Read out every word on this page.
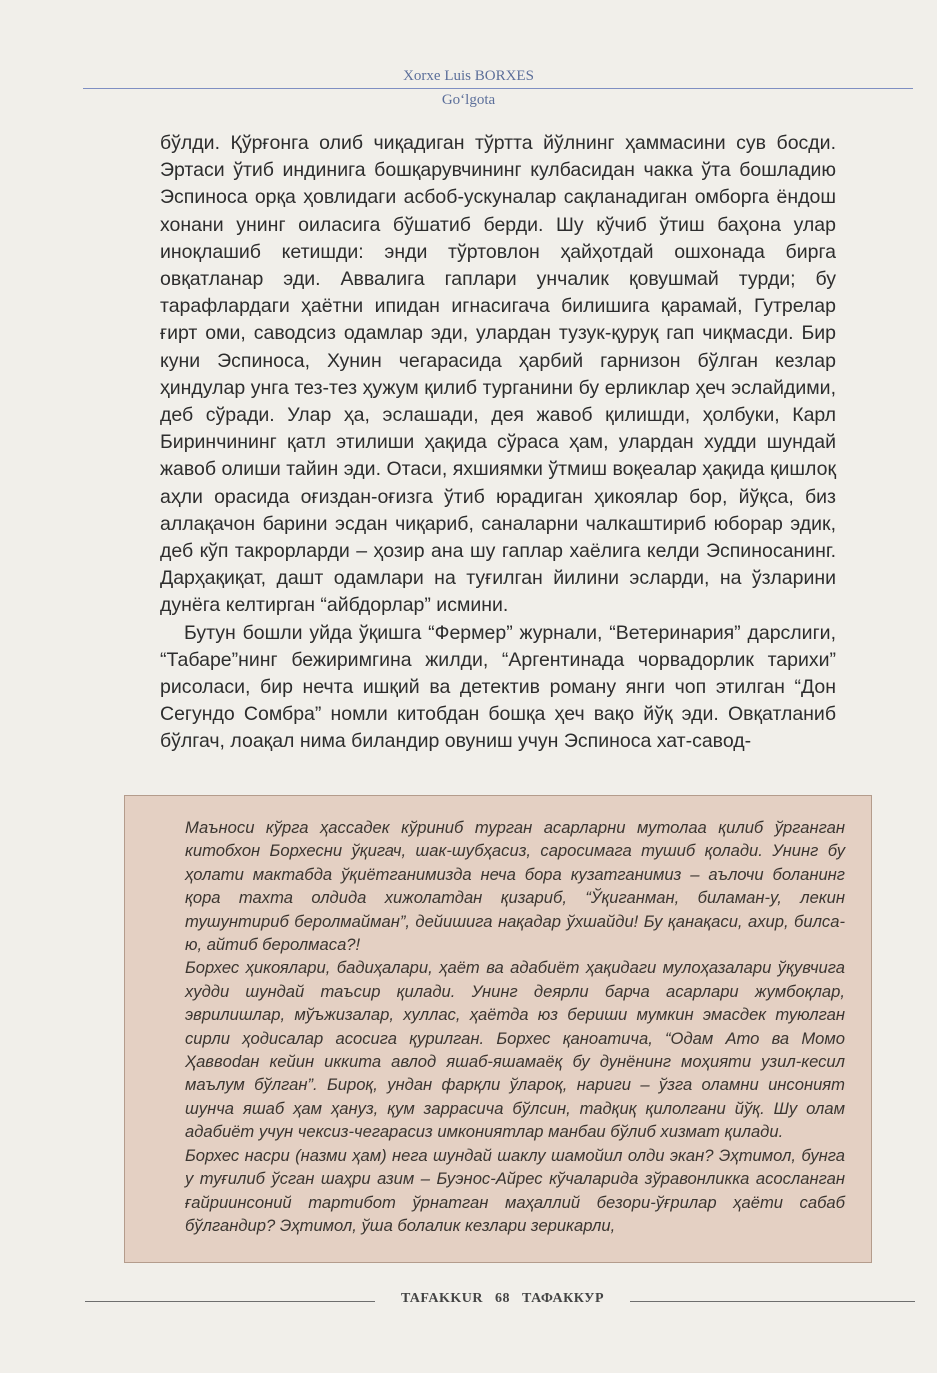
Xorxe Luis BORXES
Go‘lgota

бўлди. Қўрғонга олиб чиқадиган тўртта йўлнинг ҳаммасини сув босди. Эртаси ўтиб индинига бошқарувчининг кулбасидан чакка ўта бошладию Эспиноса орқа ҳовлидаги асбоб-ускуналар сақланадиган омборга ёндош хонани унинг оиласига бўшатиб берди. Шу кўчиб ўтиш баҳона улар иноқлашиб кетишди: энди тўртовлон ҳайҳотдай ошхонада бирга овқатланар эди. Аввалига гаплари унчалик қовушмай турди; бу тарафлардаги ҳаётни ипидан игнасигача билишига қарамай, Гутрелар ғирт оми, саводсиз одамлар эди, улардан тузук-қуруқ гап чиқмасди. Бир куни Эспиноса, Хунин чегарасида ҳарбий гарнизон бўлган кезлар ҳиндулар унга тез-тез ҳужум қилиб турганини бу ерликлар ҳеч эслайдими, деб сўради. Улар ҳа, эслашади, дея жавоб қилишди, ҳолбуки, Карл Биринчининг қатл этилиши ҳақида сўраса ҳам, улардан худди шундай жавоб олиши тайин эди. Отаси, яхшиямки ўтмиш воқеалар ҳақида қишлоқ аҳли орасида оғиздан-оғизга ўтиб юрадиган ҳикоялар бор, йўқса, биз аллақачон барини эсдан чиқариб, саналарни чалкаштириб юборар эдик, деб кўп такрорларди – ҳозир ана шу гаплар хаёлига келди Эспиносанинг. Дарҳақиқат, дашт одамлари на туғилган йилини эсларди, на ўзларини дунёга келтирган “айбдорлар” исмини.

Бутун бошли уйда ўқишга “Фермер” журнали, “Ветеринария” дарслиги, “Табаре”нинг бежиримгина жилди, “Аргентинада чорвадорлик тарихи” рисоласи, бир нечта ишқий ва детектив роману янги чоп этилган “Дон Сегундо Сомбра” номли китобдан бошқа ҳеч вақо йўқ эди. Овқатланиб бўлгач, лоақал нима биландир овуниш учун Эспиноса хат-савод-

Маъноси кўрга ҳассадек кўриниб турган асарларни мутолаа қилиб ўрганган китобхон Борхесни ўқигач, шак-шубҳасиз, саросимага тушиб қолади. Унинг бу ҳолати мактабда ўқиётганимизда неча бора кузатганимиз – аълочи боланинг қора тахта олдида хижолатдан қизариб, “Ўқиганман, биламан-у, лекин тушунтириб беролмайман”, дейишига нақадар ўхшайди! Бу қанақаси, ахир, билса-ю, айтиб беролмаса?!

Борхес ҳикоялари, бадиҳалари, ҳаёт ва адабиёт ҳақидаги мулоҳазалари ўқувчига худди шундай таъсир қилади. Унинг деярли барча асарлари жумбоқлар, эврилишлар, мўъжизалар, хуллас, ҳаётда юз бериши мумкин эмасдек туюлган сирли ҳодисалар асосига қурилган. Борхес қаноатича, “Одам Ато ва Момо Ҳаввodан кейин иккита авлод яшаб-яшамаёқ бу дунёнинг моҳияти узил-кесил маълум бўлган”. Бироқ, ундан фарқли ўлароқ, нариги – ўзга оламни инсоният шунча яшаб ҳам ҳануз, қум заррасича бўлсин, тадқиқ қилолгани йўқ. Шу олам адабиёт учун чексиз-чегарасиз имкониятлар манбаи бўлиб хизмат қилади.

Борхес насри (назми ҳам) нега шундай шаклу шамойил олди экан? Эҳтимол, бунга у туғилиб ўсган шаҳри азим – Буэнос-Айрес кўчаларида зўравонликка асосланган ғайриинсоний тартибот ўрнатган маҳаллий безори-ўғрилар ҳаёти сабаб бўлгандир? Эҳтимол, ўша болалик кезлари зерикарли,

TAFAKKUR 68 ТАФАККУР
